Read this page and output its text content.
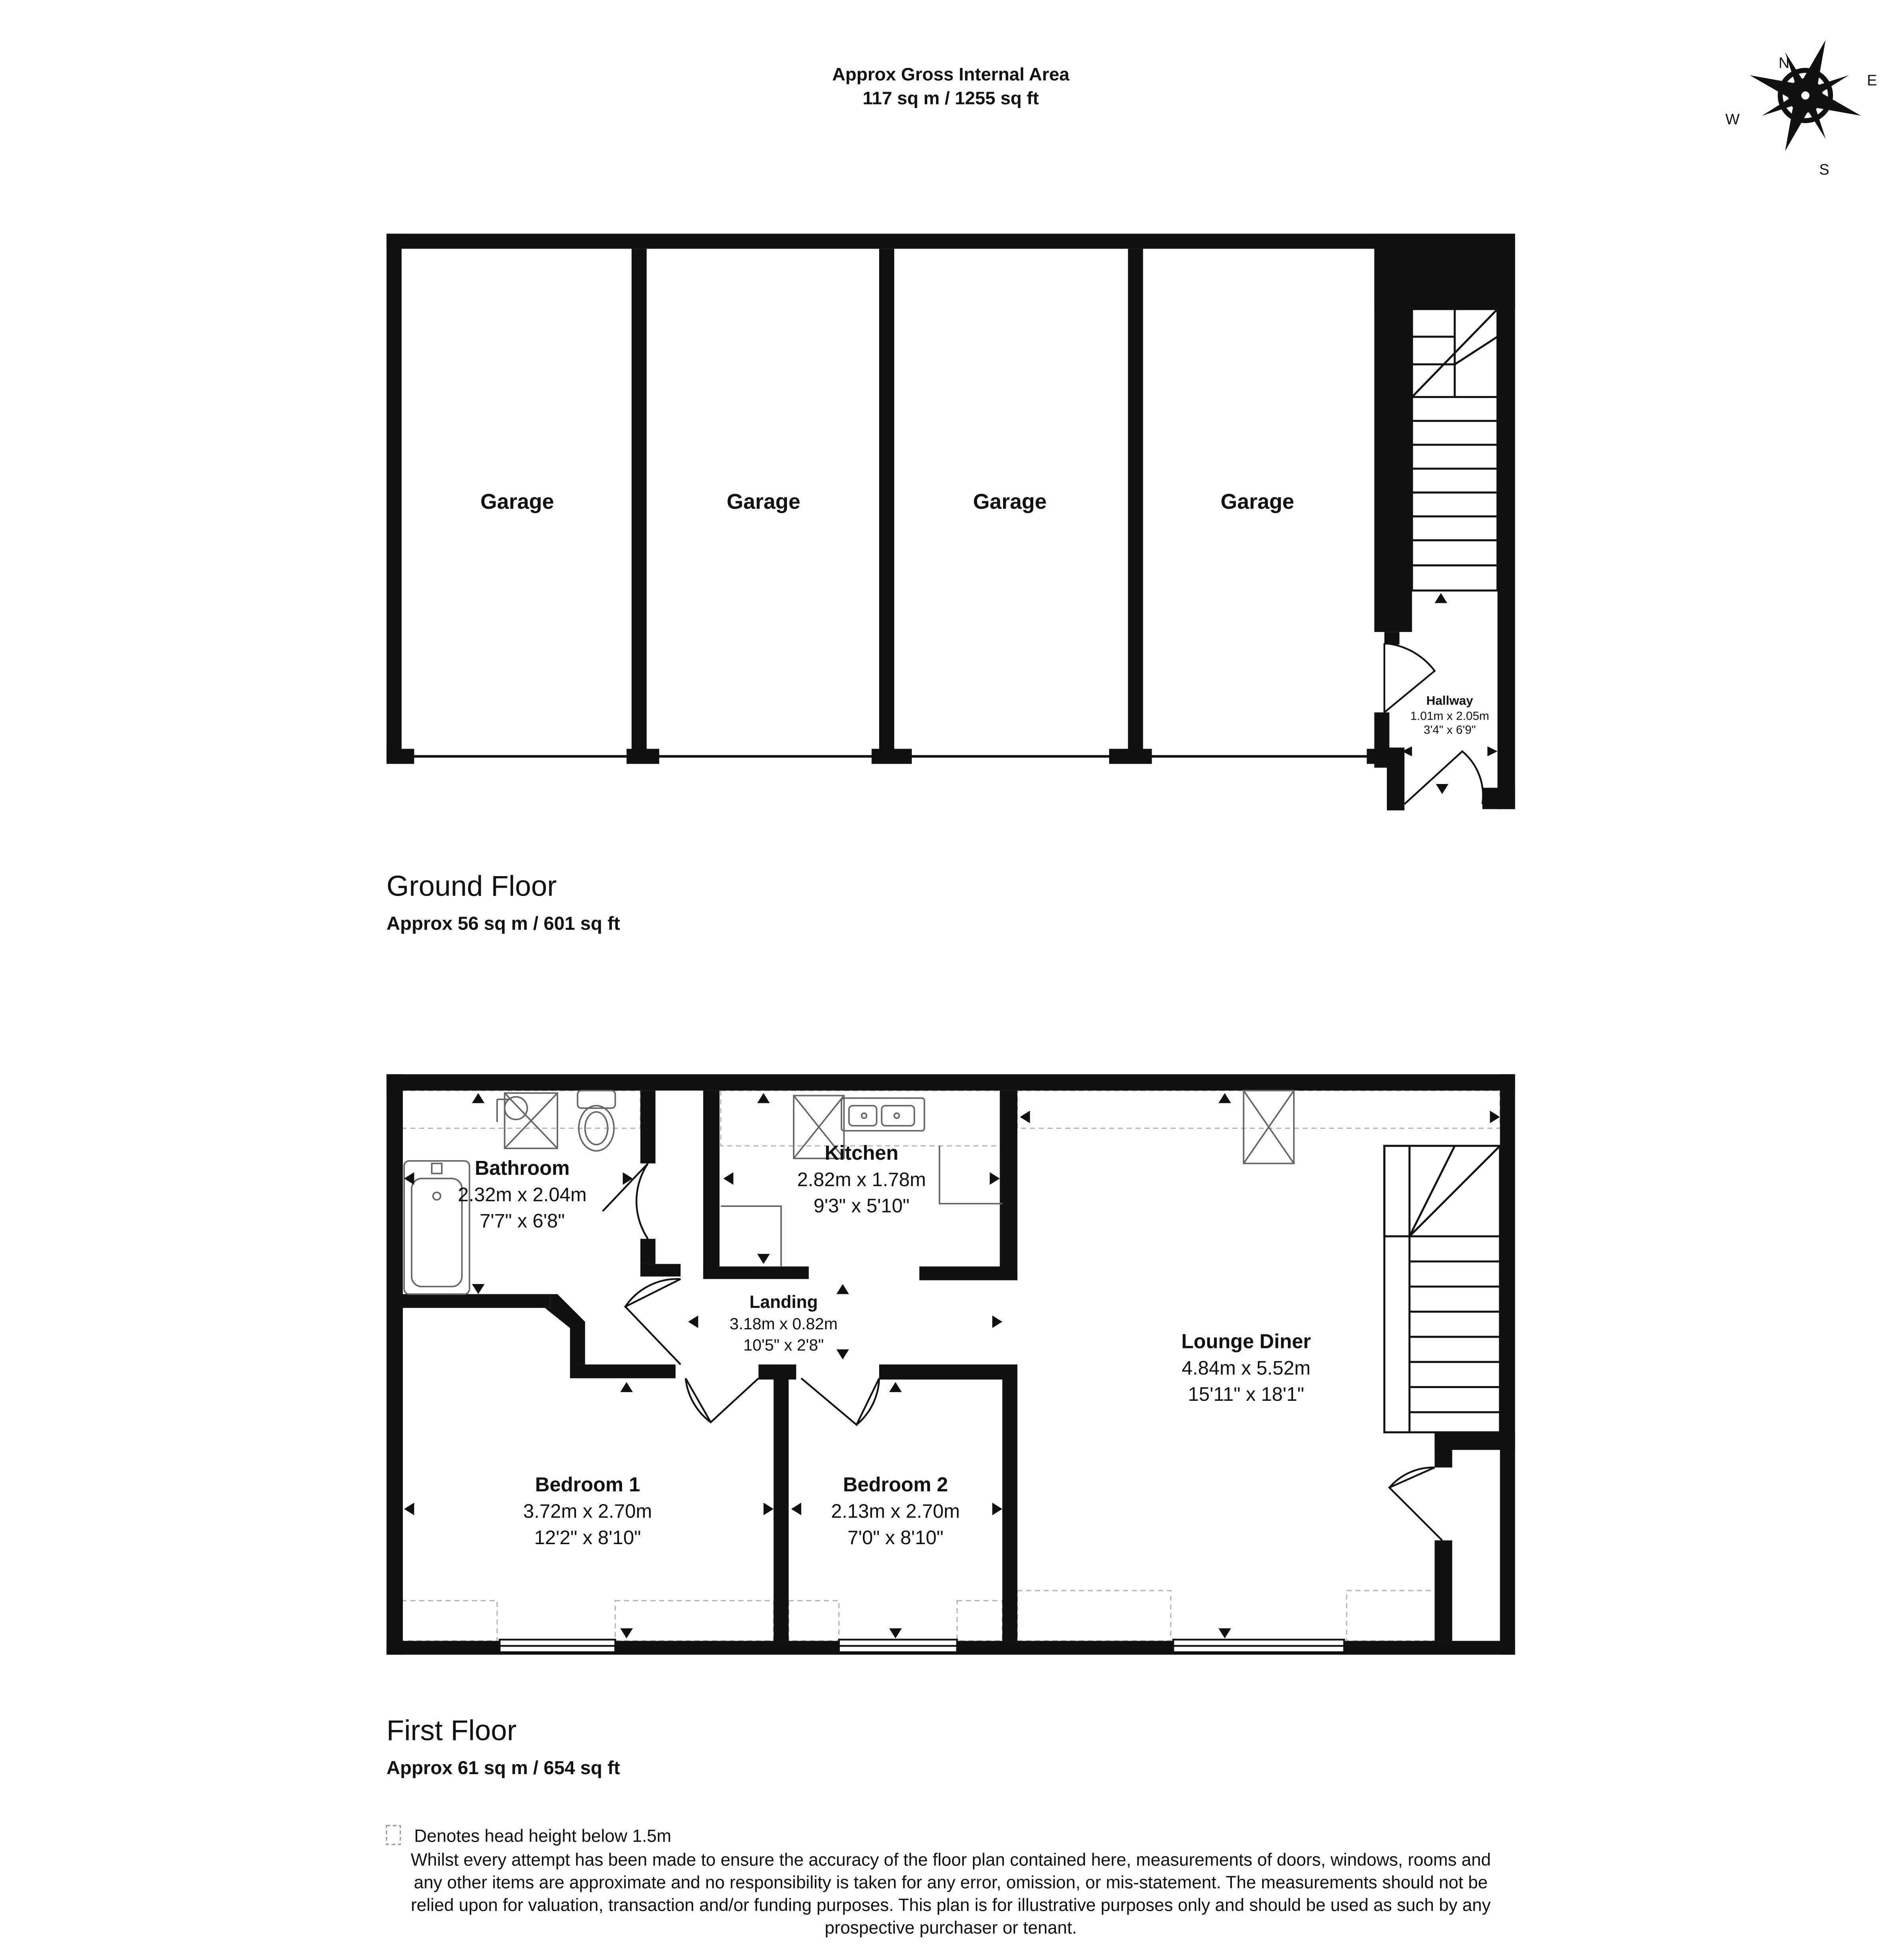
Approx Gross Internal Area
117 sq m / 1255 sq ft
N
E
S
W
Garage	Garage	Garage	Garage
Hallway
1.01m x 2.05m
3'4" x 6'9"
Ground Floor
Approx 56 sq m / 601 sq ft
Bathroom
2.32m x 2.04m
7'7" x 6'8"
Kitchen
2.82m x 1.78m
9'3" x 5'10"
Landing
3.18m x 0.82m
10'5" x 2'8"	Lounge Diner
4.84m x 5.52m
15'11" x 18'1"
Bedroom 1
3.72m x 2.70m
12'2" x 8'10"
Bedroom 2
2.13m x 2.70m
7'0" x 8'10"
First Floor
Approx 61 sq m / 654 sq ft
Denotes head height below 1.5m
Whilst every attempt has been made to ensure the accuracy of the floor plan contained here, measurements of doors, windows, rooms and
any other items are approximate and no responsibility is taken for any error, omission, or mis-statement. The measurements should not be
relied upon for valuation, transaction and/or funding purposes. This plan is for illustrative purposes only and should be used as such by any
prospective purchaser or tenant.
